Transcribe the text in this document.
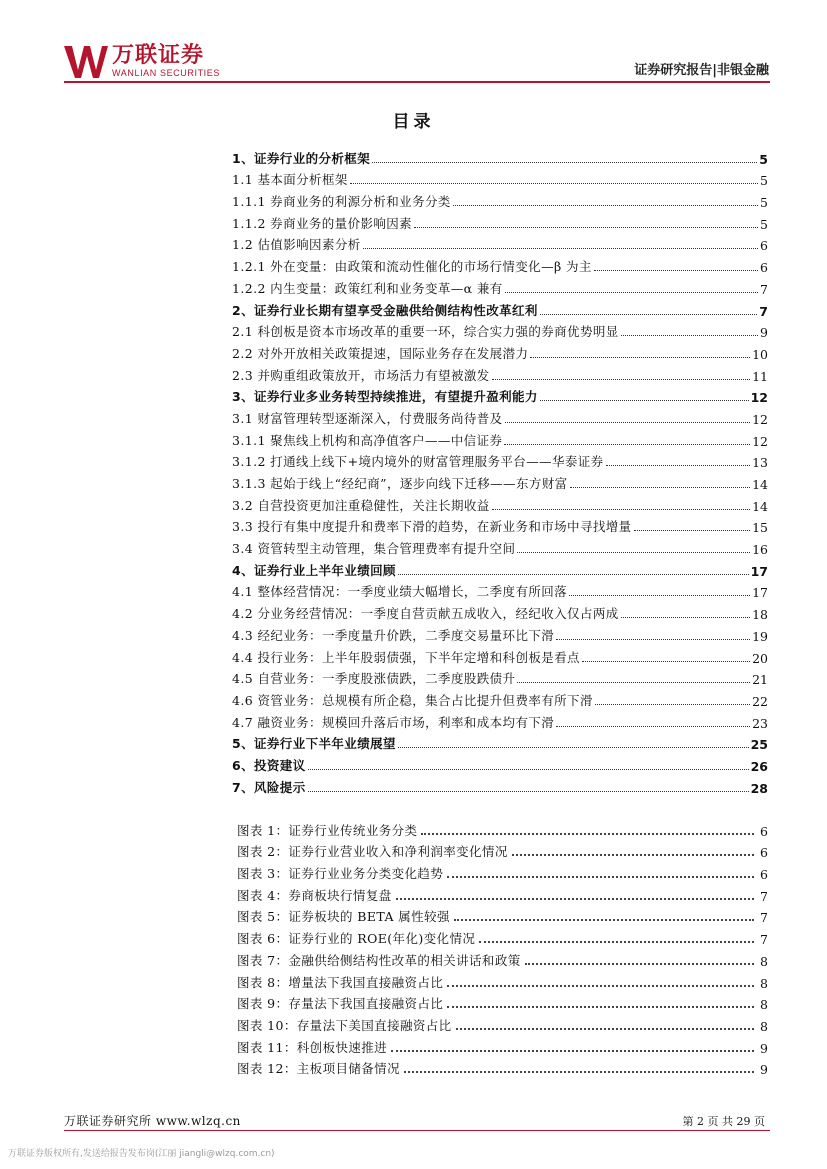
万联证券
WANLIAN SECURITIES	证券研究报告|非银金融
目录
1、证券行业的分析框架	5
1.1 基本面分析框架	5
1.1.1 券商业务的利源分析和业务分类	5
1.1.2 券商业务的量价影响因素	5
1.2 估值影响因素分析	6
1.2.1 外在变量：由政策和流动性催化的市场行情变化—β 为主	6
1.2.2 内生变量：政策红利和业务变革—α 兼有	7
2、证券行业长期有望享受金融供给侧结构性改革红利	7
2.1 科创板是资本市场改革的重要一环，综合实力强的券商优势明显	9
2.2 对外开放相关政策提速，国际业务存在发展潜力	10
2.3 并购重组政策放开，市场活力有望被激发	11
3、证券行业多业务转型持续推进，有望提升盈利能力	12
3.1 财富管理转型逐渐深入，付费服务尚待普及	12
3.1.1 聚焦线上机构和高净值客户——中信证券	12
3.1.2 打通线上线下+境内境外的财富管理服务平台——华泰证券	13
3.1.3 起始于线上“经纪商”，逐步向线下迁移——东方财富	14
3.2 自营投资更加注重稳健性，关注长期收益	14
3.3 投行有集中度提升和费率下滑的趋势，在新业务和市场中寻找增量	15
3.4 资管转型主动管理，集合管理费率有提升空间	16
4、证券行业上半年业绩回顾	17
4.1 整体经营情况：一季度业绩大幅增长，二季度有所回落	17
4.2 分业务经营情况：一季度自营贡献五成收入，经纪收入仅占两成	18
4.3 经纪业务：一季度量升价跌，二季度交易量环比下滑	19
4.4 投行业务：上半年股弱债强，下半年定增和科创板是看点	20
4.5 自营业务：一季度股涨债跌，二季度股跌债升	21
4.6 资管业务：总规模有所企稳，集合占比提升但费率有所下滑	22
4.7 融资业务：规模回升落后市场，利率和成本均有下滑	23
5、证券行业下半年业绩展望	25
6、投资建议	26
7、风险提示	28
图表 1：证券行业传统业务分类	6
图表 2：证券行业营业收入和净利润率变化情况	6
图表 3：证券行业业务分类变化趋势	6
图表 4：券商板块行情复盘	7
图表 5：证券板块的 BETA 属性较强	7
图表 6：证券行业的 ROE(年化)变化情况	7
图表 7：金融供给侧结构性改革的相关讲话和政策	8
图表 8：增量法下我国直接融资占比	8
图表 9：存量法下我国直接融资占比	8
图表 10：存量法下美国直接融资占比	8
图表 11：科创板快速推进	9
图表 12：主板项目储备情况	9
万联证券研究所 www.wlzq.cn	第 2 页 共 29 页
万联证券版权所有,发送给报告发布岗(江丽 jiangli@wlzq.com.cn)
